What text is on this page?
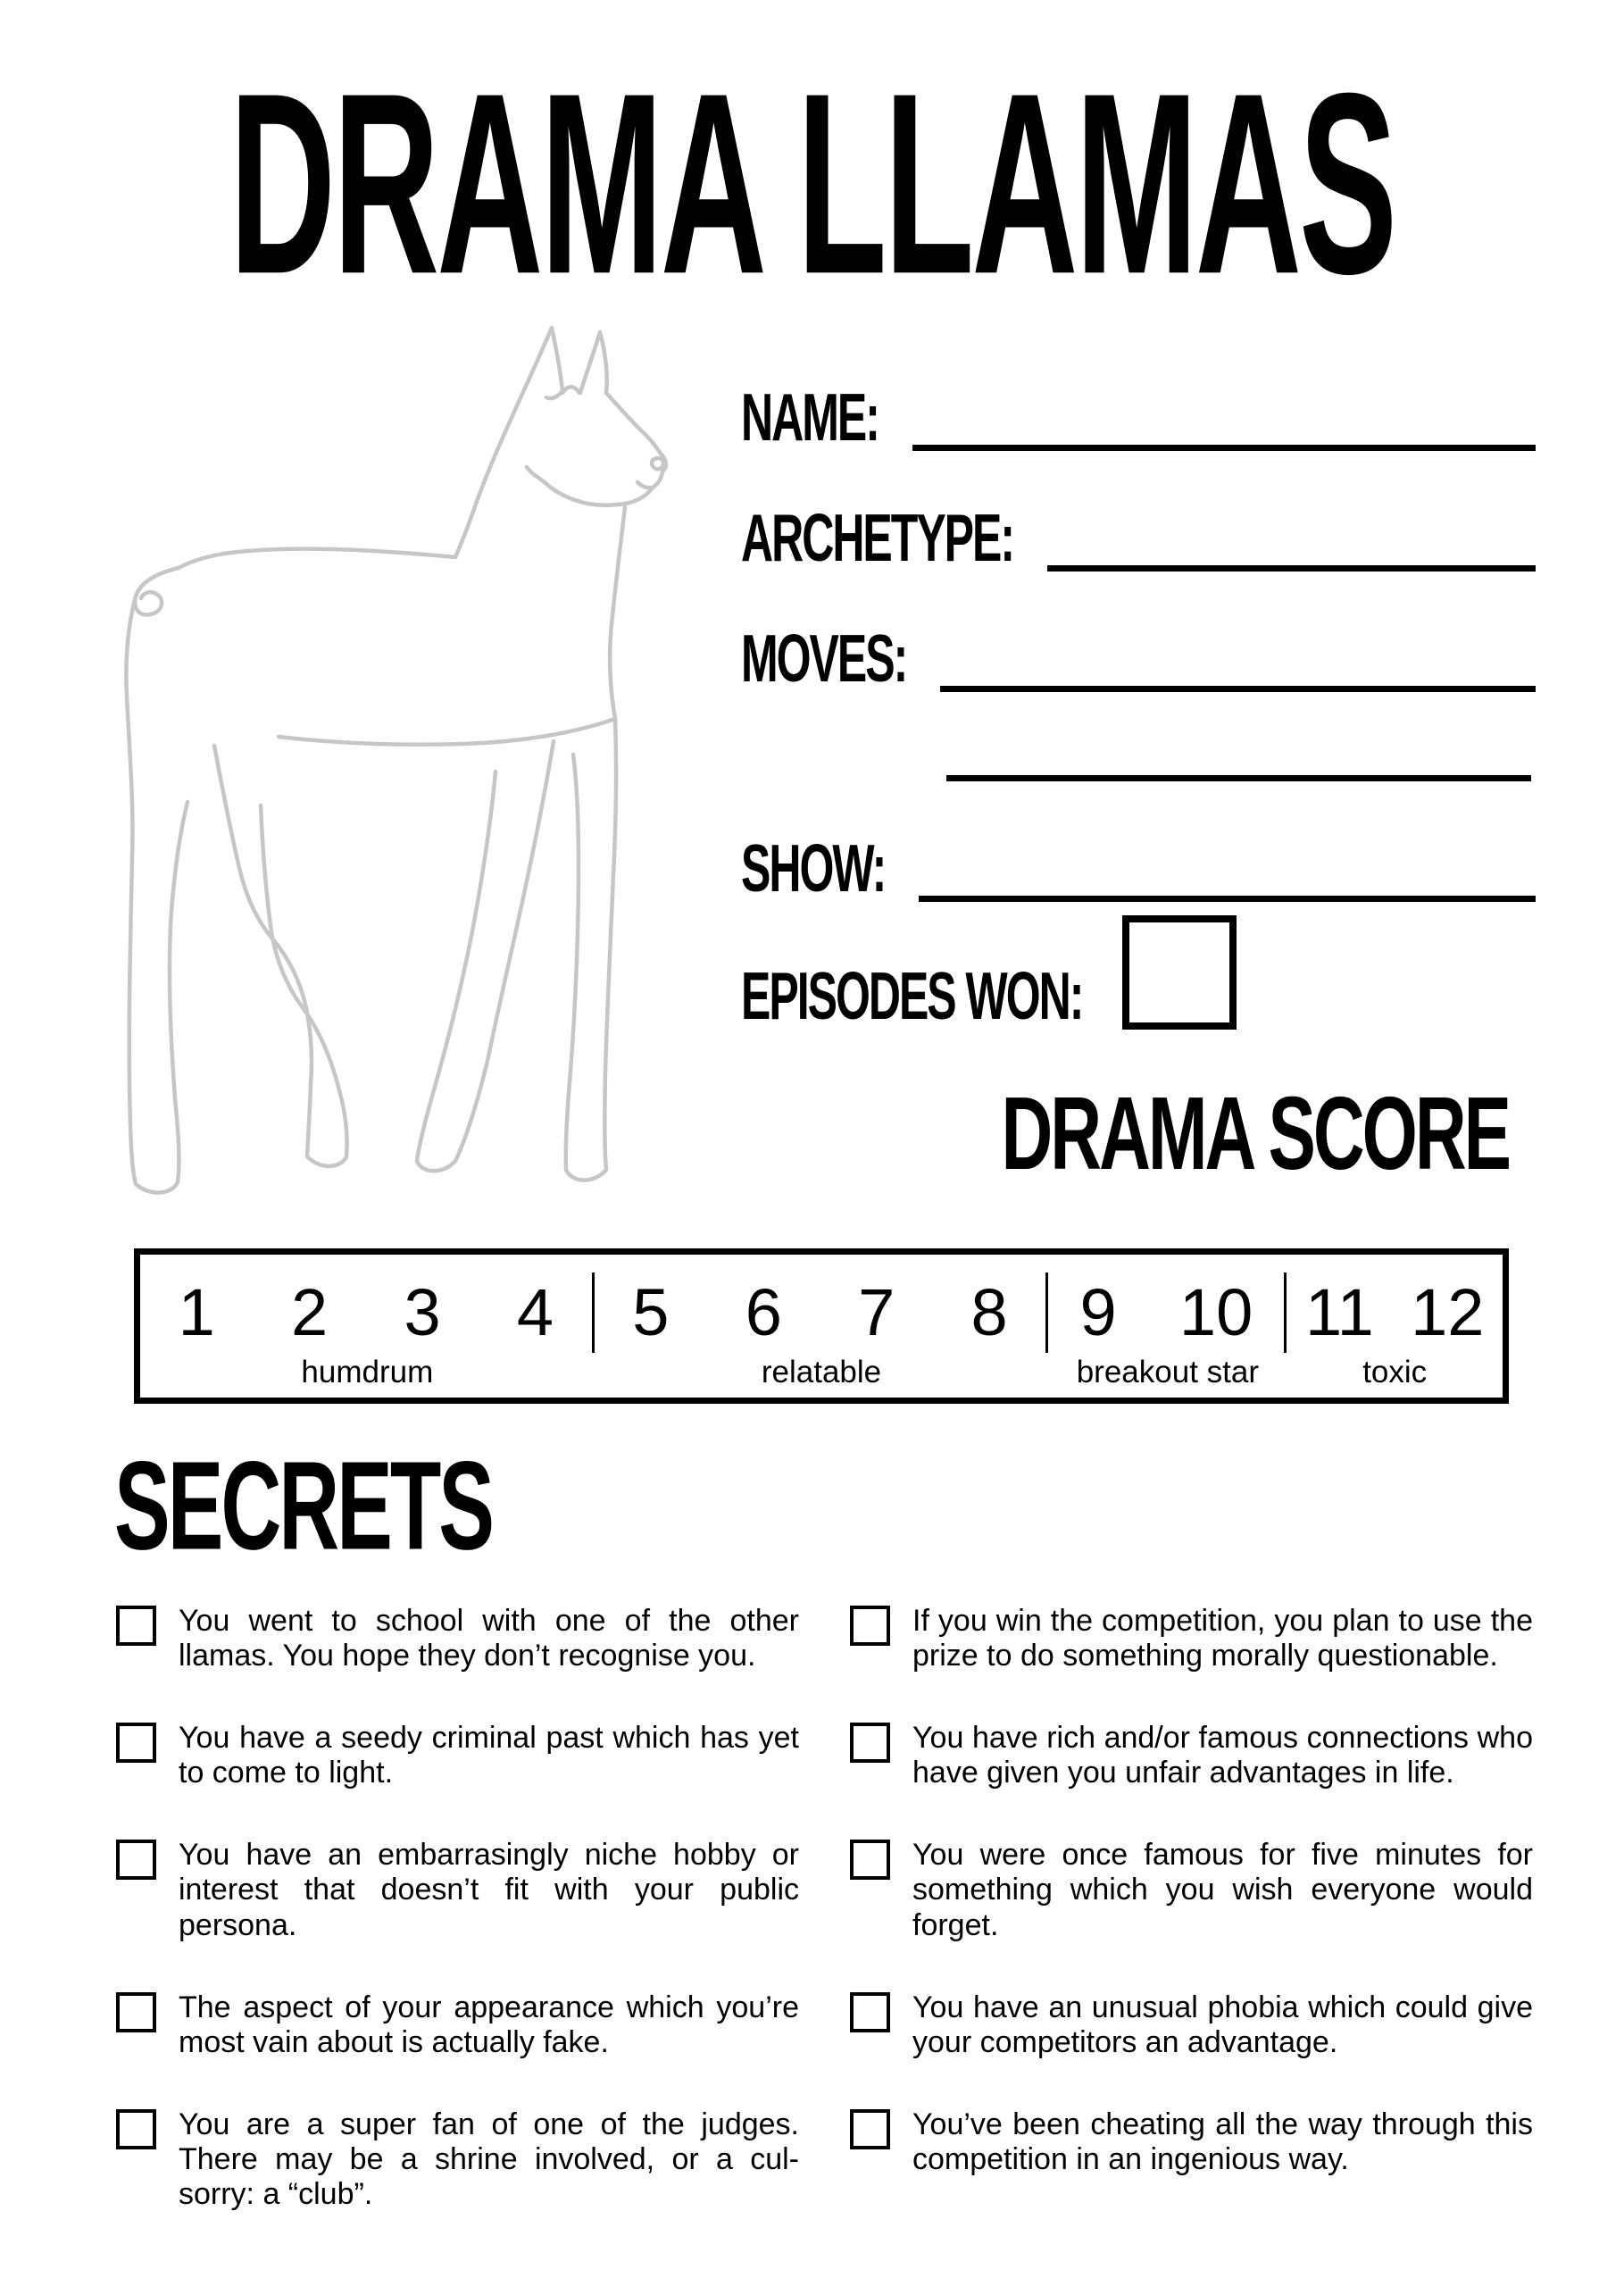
DRAMA LLAMAS
NAME:
ARCHETYPE:
MOVES:
SHOW:
EPISODES WON:
DRAMA SCORE
1 2 3 4
humdrum
5 6 7 8
relatable
9 10
breakout star
11 12
toxic
SECRETS
You went to school with one of the other llamas. You hope they don’t recognise you.
You have a seedy criminal past which has yet to come to light.
You have an embarrasingly niche hobby or interest that doesn’t fit with your public persona.
The aspect of your appearance which you’re most vain about is actually fake.
You are a super fan of one of the judges. There may be a shrine involved, or a cul- sorry: a “club”.
If you win the competition, you plan to use the prize to do something morally questionable.
You have rich and/or famous connections who have given you unfair advantages in life.
You were once famous for five minutes for something which you wish everyone would forget.
You have an unusual phobia which could give your competitors an advantage.
You’ve been cheating all the way through this competition in an ingenious way.
